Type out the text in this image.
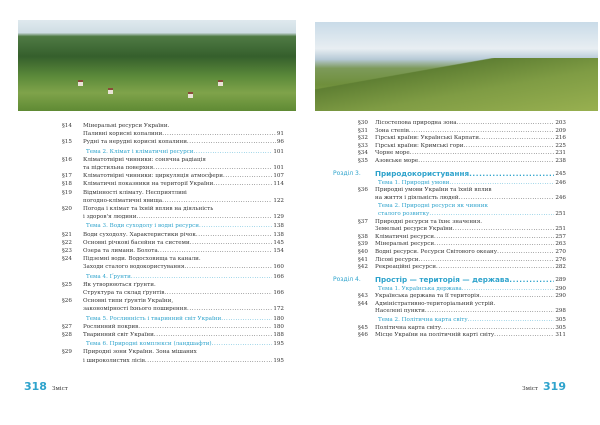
§14 Мінеральні ресурси України.
Паливні корисні копалини .....	91
§15 Рудні та нерудні корисні копалини .....	96
Тема 2. Клімат і кліматичні ресурси .....	101
§16 Кліматотвірні чинники: сонячна радіація
та підстильна поверхня .....	101
§17 Кліматотвірні чинники: циркуляція атмосфери .....	107
§18 Кліматичні показники на території України .....	114
§19 Відмінності клімату. Несприятливі
погодно-кліматичні явища .....	122
§20 Погода і клімат та їхній вплив на діяльність
і здоров'я людини .....	129
Тема 3. Води суходолу і водні ресурси .....	138
§21 Води суходолу. Характеристики річок .....	138
§22 Основні річкові басейни та системи .....	145
§23 Озера та лимани. Болота .....	154
§24 Підземні води. Водосховища та канали.
Заходи сталого водокористування .....	160
Тема 4. Ґрунти .....	166
§25 Як утворюються ґрунти.
Структура та склад ґрунтів .....	166
§26 Основні типи ґрунтів України,
закономірності їхнього поширення .....	172
Тема 5. Рослинність і тваринний світ України .....	180
§27 Рослинний покрив .....	180
§28 Тваринний світ України .....	188
Тема 6. Природні комплекси (ландшафти) .....	195
§29 Природні зони України. Зона мішаних
і широколистих лісів .....	195
318 Зміст
§30 Лісостепова природна зона .....	203
§31 Зона степів .....	209
§32 Гірські країни: Українські Карпати .....	216
§33 Гірські країни: Кримські гори .....	225
§34 Чорне море .....	231
§35 Азовське море .....	238
Розділ 3. Природокористування .....	245
Тема 1. Природні умови .....	246
§36 Природні умови України та їхній вплив
на життя і діяльність людей .....	246
Тема 2. Природні ресурси як чинник
сталого розвитку .....	251
§37 Природні ресурси та їхнє значення.
Земельні ресурси України .....	251
§38 Кліматичні ресурси .....	257
§39 Мінеральні ресурси .....	263
§40 Водні ресурси. Ресурси Світового океану .....	270
§41 Лісові ресурси .....	276
§42 Рекреаційні ресурси .....	282
Розділ 4. Простір — територія — держава .....	289
Тема 1. Українська держава .....	290
§43 Українська держава та її територія .....	290
§44 Адміністративно-територіальний устрій.
Населені пункти .....	298
Тема 2. Політична карта світу .....	305
§45 Політична карта світу .....	305
§46 Місце України на політичній карті світу .....	311
Зміст 319
